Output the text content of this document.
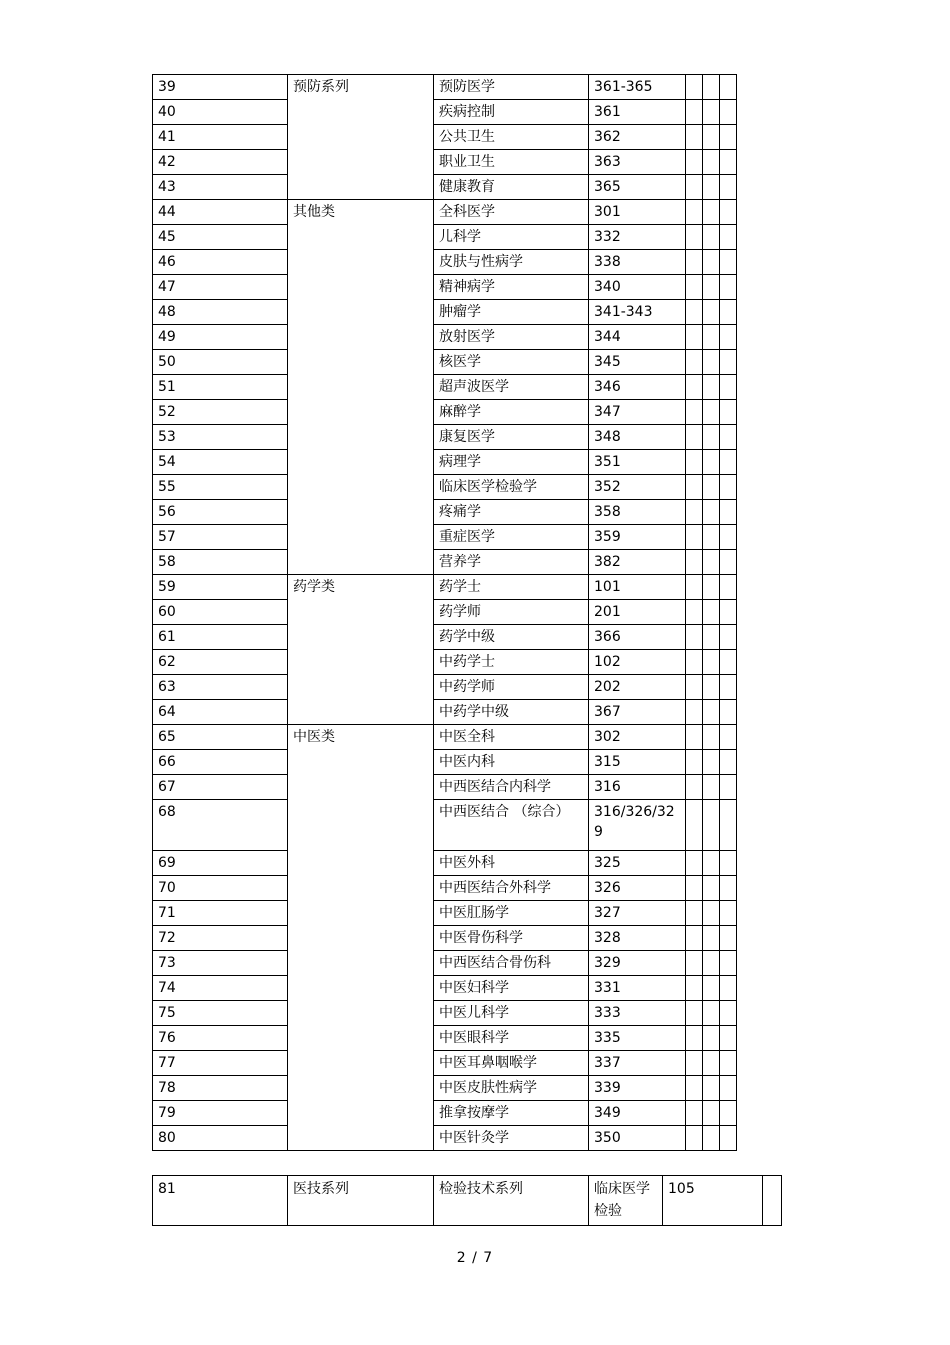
39	预防系列	预防医学	361-365			
40		疾病控制	361			
41		公共卫生	362			
42		职业卫生	363			
43		健康教育	365			
44	其他类	全科医学	301			
45		儿科学	332			
46		皮肤与性病学	338			
47		精神病学	340			
48		肿瘤学	341-343			
49		放射医学	344			
50		核医学	345			
51		超声波医学	346			
52		麻醉学	347			
53		康复医学	348			
54		病理学	351			
55		临床医学检验学	352			
56		疼痛学	358			
57		重症医学	359			
58		营养学	382			
59	药学类	药学士	101			
60		药学师	201			
61		药学中级	366			
62		中药学士	102			
63		中药学师	202			
64		中药学中级	367			
65	中医类	中医全科	302			
66		中医内科	315			
67		中西医结合内科学	316			
68		中西医结合 （综合）	316/326/329			
69		中医外科	325			
70		中西医结合外科学	326			
71		中医肛肠学	327			
72		中医骨伤科学	328			
73		中西医结合骨伤科	329			
74		中医妇科学	331			
75		中医儿科学	333			
76		中医眼科学	335			
77		中医耳鼻咽喉学	337			
78		中医皮肤性病学	339			
79		推拿按摩学	349			
80		中医针灸学	350			
81	医技系列	检验技术系列	临床医学检验	105	
2 / 7
